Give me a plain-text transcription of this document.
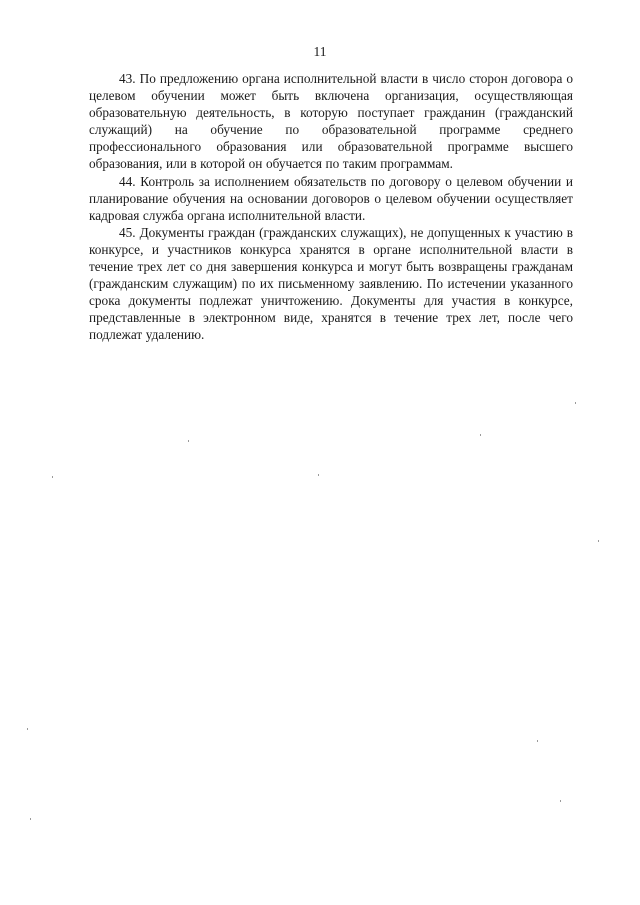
11

43. По предложению органа исполнительной власти в число сторон договора о целевом обучении может быть включена организация, осуществляющая образовательную деятельность, в которую поступает гражданин (гражданский служащий) на обучение по образовательной программе среднего профессионального образования или образовательной программе высшего образования, или в которой он обучается по таким программам.

44. Контроль за исполнением обязательств по договору о целевом обучении и планирование обучения на основании договоров о целевом обучении осуществляет кадровая служба органа исполнительной власти.

45. Документы граждан (гражданских служащих), не допущенных к участию в конкурсе, и участников конкурса хранятся в органе исполнительной власти в течение трех лет со дня завершения конкурса и могут быть возвращены гражданам (гражданским служащим) по их письменному заявлению. По истечении указанного срока документы подлежат уничтожению. Документы для участия в конкурсе, представленные в электронном виде, хранятся в течение трех лет, после чего подлежат удалению.
